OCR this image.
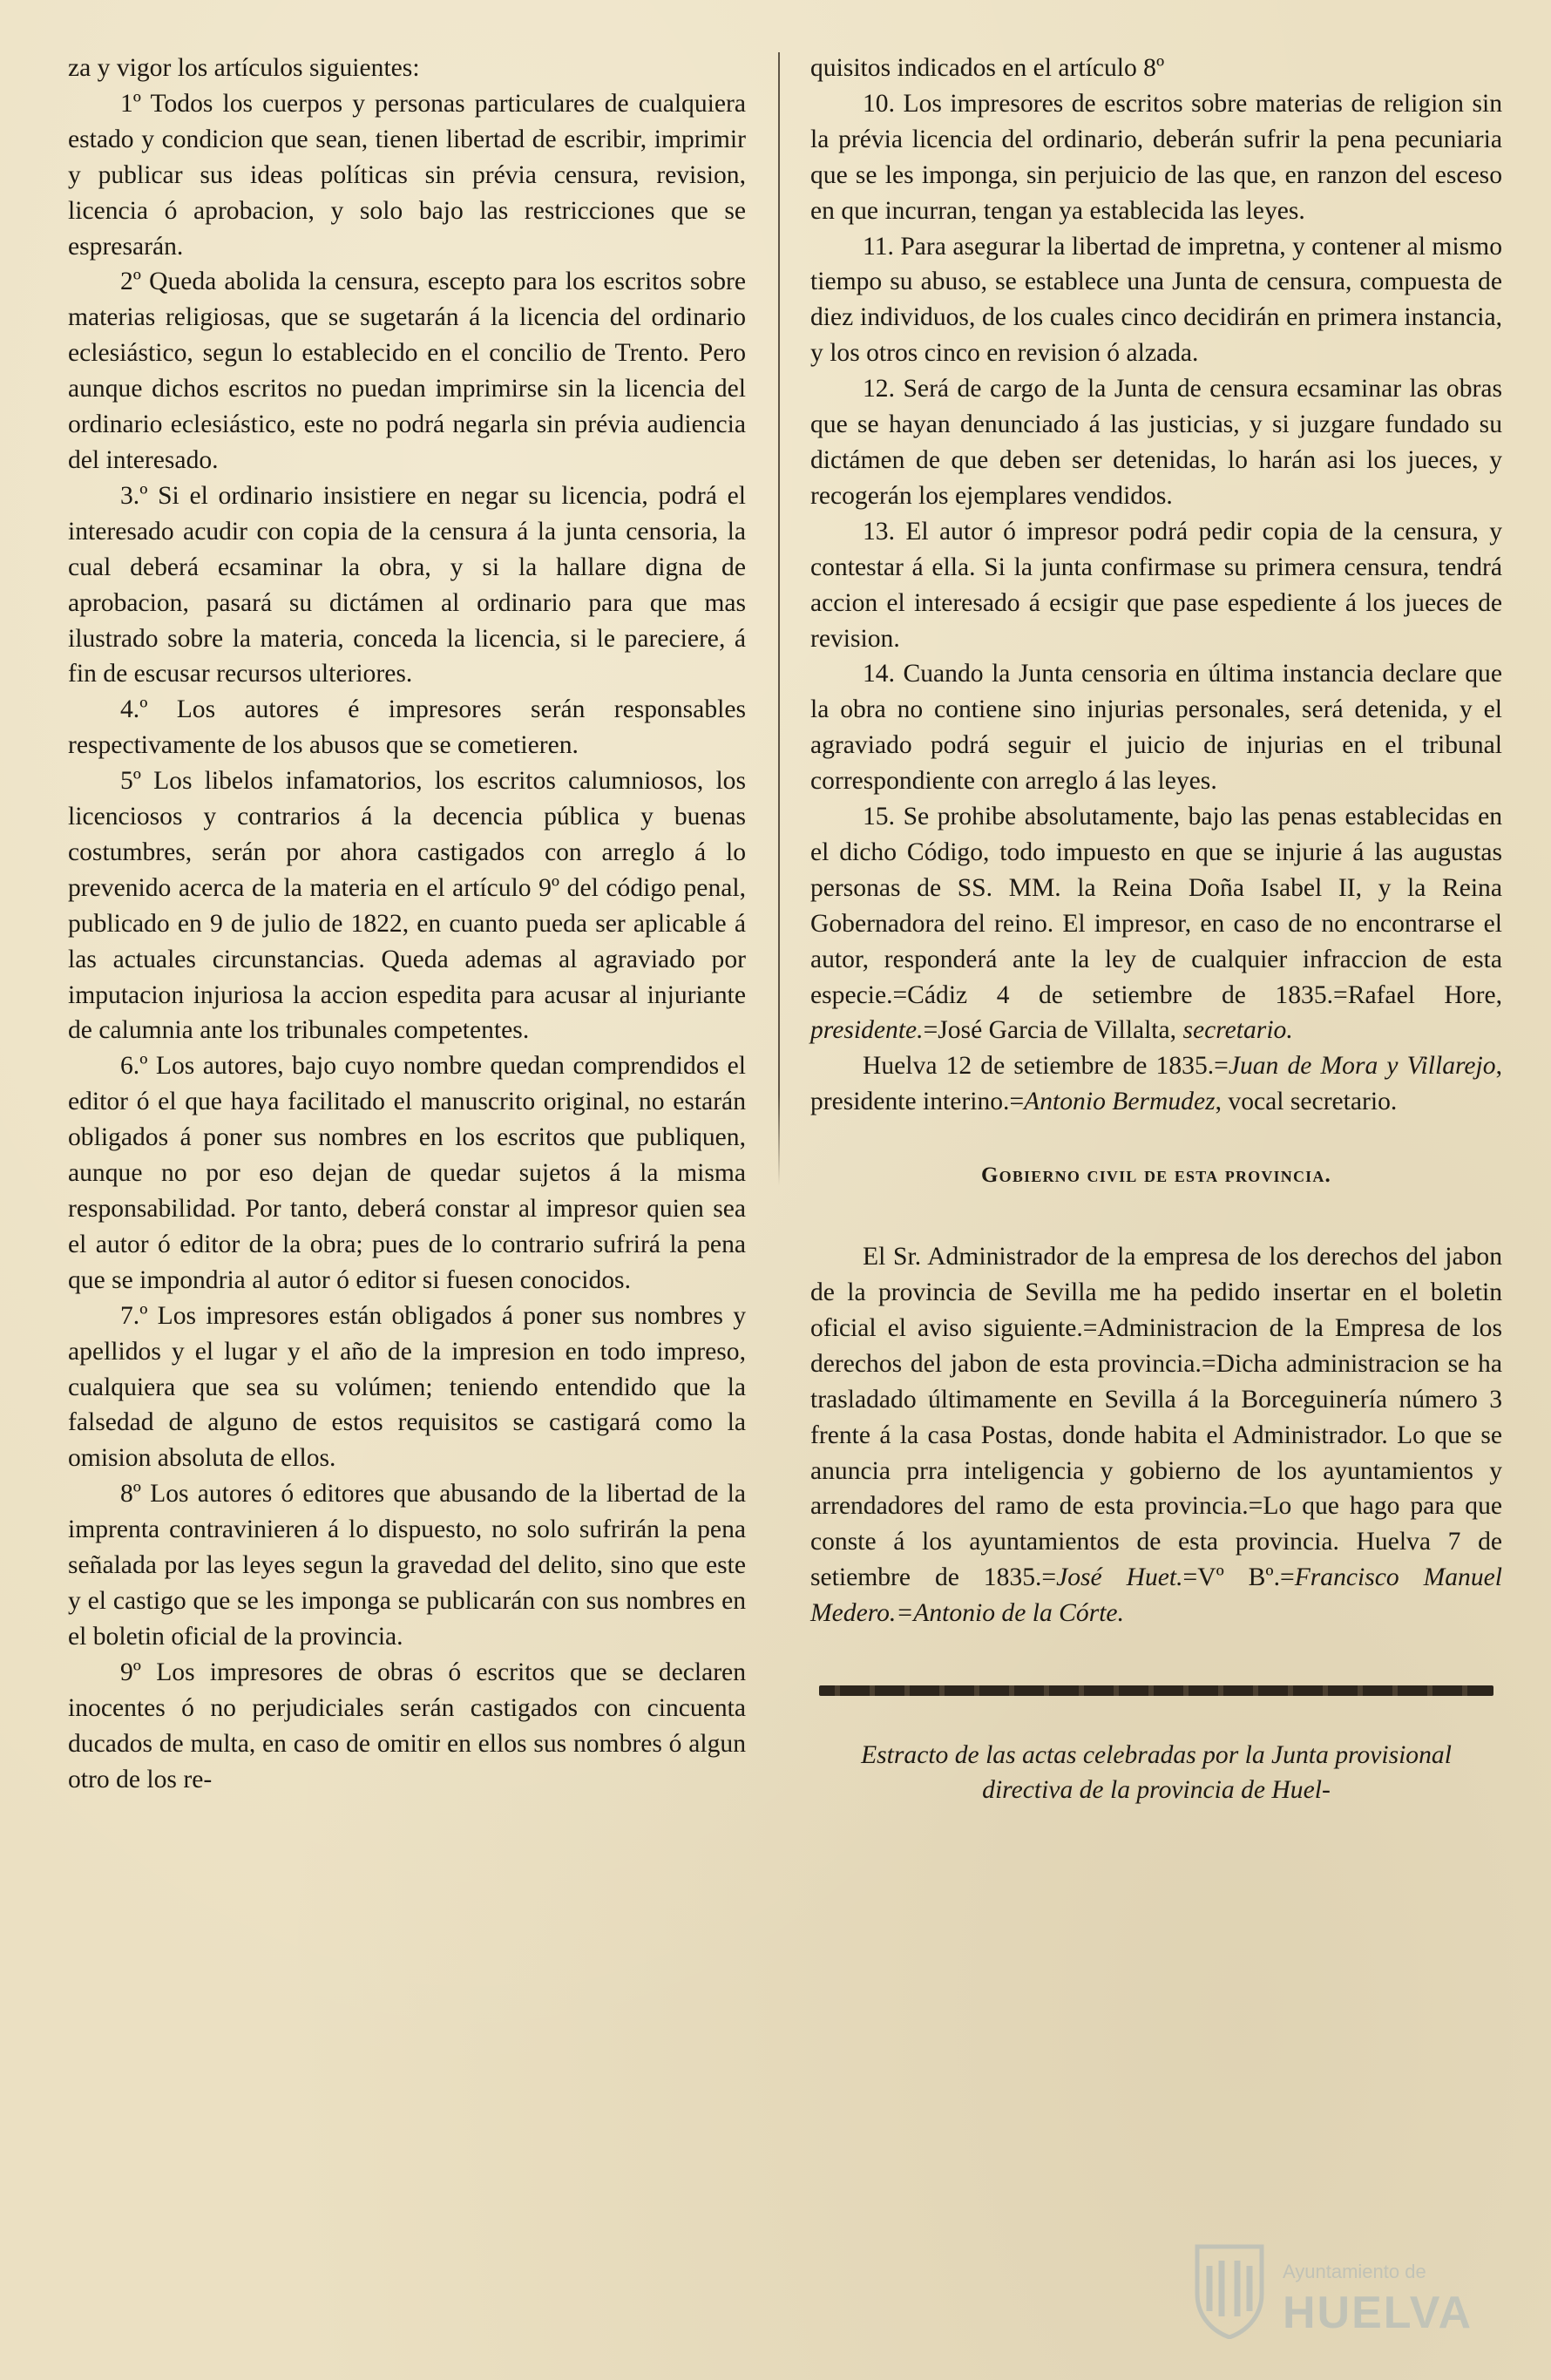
za y vigor los artículos siguientes:

1º Todos los cuerpos y personas particulares de cualquiera estado y condicion que sean, tienen libertad de escribir, imprimir y publicar sus ideas políticas sin prévia censura, revision, licencia ó aprobacion, y solo bajo las restricciones que se espresarán.

2º Queda abolida la censura, escepto para los escritos sobre materias religiosas, que se sugetarán á la licencia del ordinario eclesiástico, segun lo establecido en el concilio de Trento. Pero aunque dichos escritos no puedan imprimirse sin la licencia del ordinario eclesiástico, este no podrá negarla sin prévia audiencia del interesado.

3.º Si el ordinario insistiere en negar su licencia, podrá el interesado acudir con copia de la censura á la junta censoria, la cual deberá ecsaminar la obra, y si la hallare digna de aprobacion, pasará su dictámen al ordinario para que mas ilustrado sobre la materia, conceda la licencia, si le pareciere, á fin de escusar recursos ulteriores.

4.º Los autores é impresores serán responsables respectivamente de los abusos que se cometieren.

5º Los libelos infamatorios, los escritos calumniosos, los licenciosos y contrarios á la decencia pública y buenas costumbres, serán por ahora castigados con arreglo á lo prevenido acerca de la materia en el artículo 9º del código penal, publicado en 9 de julio de 1822, en cuanto pueda ser aplicable á las actuales circunstancias. Queda ademas al agraviado por imputacion injuriosa la accion espedita para acusar al injuriante de calumnia ante los tribunales competentes.

6.º Los autores, bajo cuyo nombre quedan comprendidos el editor ó el que haya facilitado el manuscrito original, no estarán obligados á poner sus nombres en los escritos que publiquen, aunque no por eso dejan de quedar sujetos á la misma responsabilidad. Por tanto, deberá constar al impresor quien sea el autor ó editor de la obra; pues de lo contrario sufrirá la pena que se impondria al autor ó editor si fuesen conocidos.

7.º Los impresores están obligados á poner sus nombres y apellidos y el lugar y el año de la impresion en todo impreso, cualquiera que sea su volúmen; teniendo entendido que la falsedad de alguno de estos requisitos se castigará como la omision absoluta de ellos.

8º Los autores ó editores que abusando de la libertad de la imprenta contravinieren á lo dispuesto, no solo sufrirán la pena señalada por las leyes segun la gravedad del delito, sino que este y el castigo que se les imponga se publicarán con sus nombres en el boletin oficial de la provincia.

9º Los impresores de obras ó escritos que se declaren inocentes ó no perjudiciales serán castigados con cincuenta ducados de multa, en caso de omitir en ellos sus nombres ó algun otro de los re-

quisitos indicados en el artículo 8º

10. Los impresores de escritos sobre materias de religion sin la prévia licencia del ordinario, deberán sufrir la pena pecuniaria que se les imponga, sin perjuicio de las que, en ranzon del esceso en que incurran, tengan ya establecida las leyes.

11. Para asegurar la libertad de impretna, y contener al mismo tiempo su abuso, se establece una Junta de censura, compuesta de diez individuos, de los cuales cinco decidirán en primera instancia, y los otros cinco en revision ó alzada.

12. Será de cargo de la Junta de censura ecsaminar las obras que se hayan denunciado á las justicias, y si juzgare fundado su dictámen de que deben ser detenidas, lo harán asi los jueces, y recogerán los ejemplares vendidos.

13. El autor ó impresor podrá pedir copia de la censura, y contestar á ella. Si la junta confirmase su primera censura, tendrá accion el interesado á ecsigir que pase espediente á los jueces de revision.

14. Cuando la Junta censoria en última instancia declare que la obra no contiene sino injurias personales, será detenida, y el agraviado podrá seguir el juicio de injurias en el tribunal correspondiente con arreglo á las leyes.

15. Se prohibe absolutamente, bajo las penas establecidas en el dicho Código, todo impuesto en que se injurie á las augustas personas de SS. MM. la Reina Doña Isabel II, y la Reina Gobernadora del reino. El impresor, en caso de no encontrarse el autor, responderá ante la ley de cualquier infraccion de esta especie.=Cádiz 4 de setiembre de 1835.=Rafael Hore, presidente.=José Garcia de Villalta, secretario.

Huelva 12 de setiembre de 1835.=Juan de Mora y Villarejo, presidente interino.=Antonio Bermudez, vocal secretario.

Gobierno civil de esta provincia.

El Sr. Administrador de la empresa de los derechos del jabon de la provincia de Sevilla me ha pedido insertar en el boletin oficial el aviso siguiente.=Administracion de la Empresa de los derechos del jabon de esta provincia.=Dicha administracion se ha trasladado últimamente en Sevilla á la Borceguinería número 3 frente á la casa Postas, donde habita el Administrador. Lo que se anuncia prra inteligencia y gobierno de los ayuntamientos y arrendadores del ramo de esta provincia.=Lo que hago para que conste á los ayuntamientos de esta provincia. Huelva 7 de setiembre de 1835.=José Huet.=Vº Bº.=Francisco Manuel Medero.=Antonio de la Córte.

Estracto de las actas celebradas por la Junta provisional directiva de la provincia de Huel-

Ayuntamiento de
HUELVA
